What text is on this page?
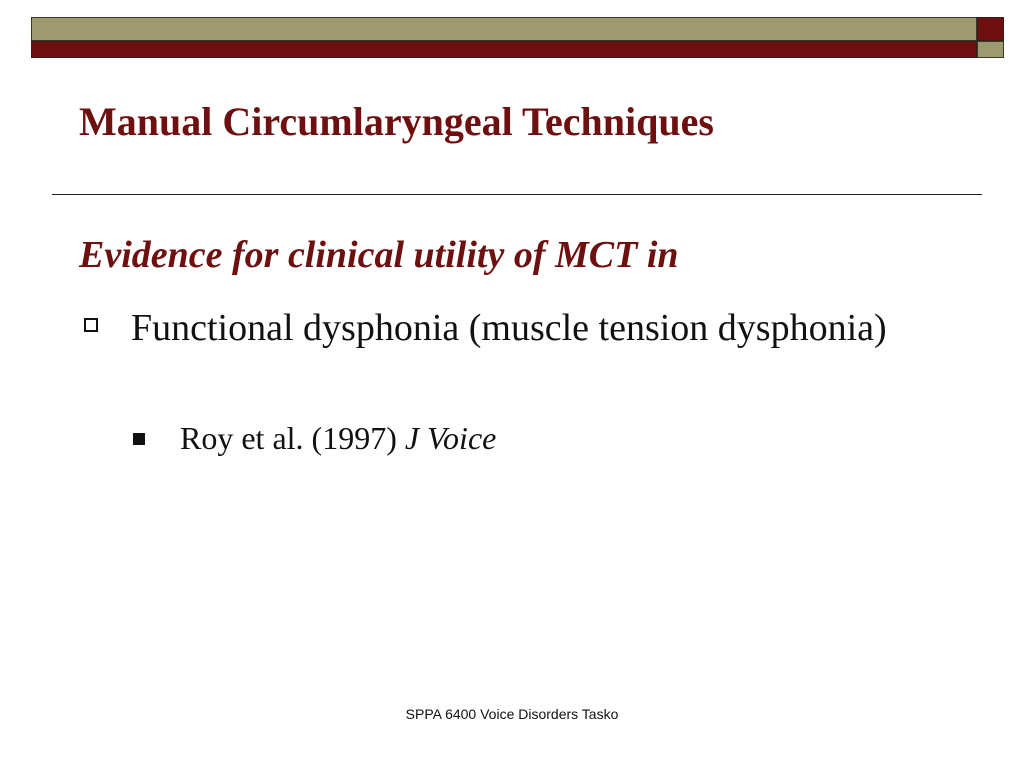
Manual Circumlaryngeal Techniques
Evidence for clinical utility of MCT in
Functional dysphonia (muscle tension dysphonia)
Roy et al. (1997) J Voice
SPPA 6400 Voice Disorders Tasko
